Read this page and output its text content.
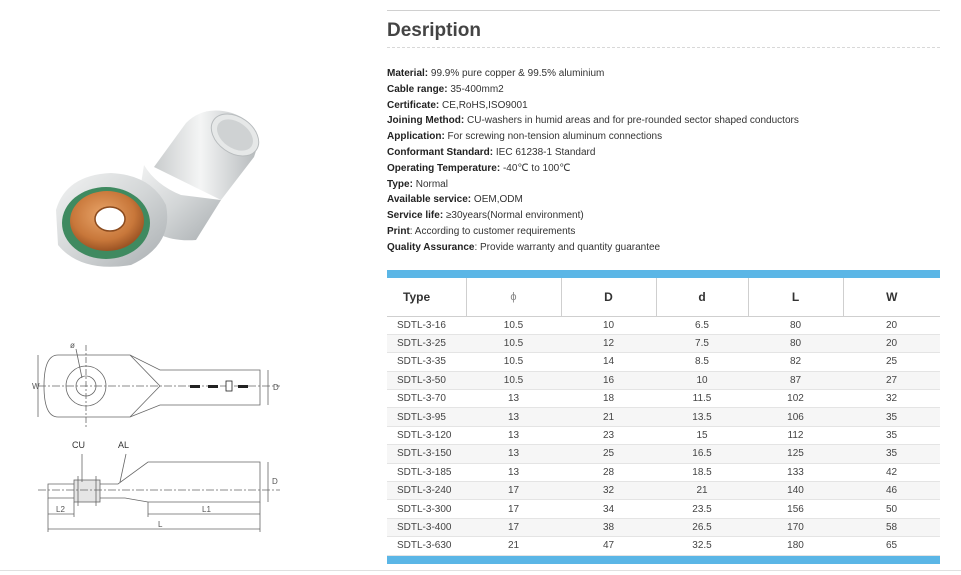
ø
W	D
CU	AL
D
L2	L1
L
Desription
Material: 99.9% pure copper & 99.5% aluminium
Cable range: 35-400mm2
Certificate: CE,RoHS,ISO9001
Joining Method: CU-washers in humid areas and for pre-rounded sector shaped conductors
Application: For screwing non-tension aluminum connections
Conformant Standard: IEC 61238-1 Standard
Operating Temperature: -40℃ to 100℃
Type: Normal
Available service: OEM,ODM
Service life: ≥30years(Normal environment)
Print: According to customer requirements
Quality Assurance: Provide warranty and quantity guarantee
Type	ϕ	D	d	L	W
SDTL-3-16	10.5	10	6.5	80	20
SDTL-3-25	10.5	12	7.5	80	20
SDTL-3-35	10.5	14	8.5	82	25
SDTL-3-50	10.5	16	10	87	27
SDTL-3-70	13	18	11.5	102	32
SDTL-3-95	13	21	13.5	106	35
SDTL-3-120	13	23	15	112	35
SDTL-3-150	13	25	16.5	125	35
SDTL-3-185	13	28	18.5	133	42
SDTL-3-240	17	32	21	140	46
SDTL-3-300	17	34	23.5	156	50
SDTL-3-400	17	38	26.5	170	58
SDTL-3-630	21	47	32.5	180	65
